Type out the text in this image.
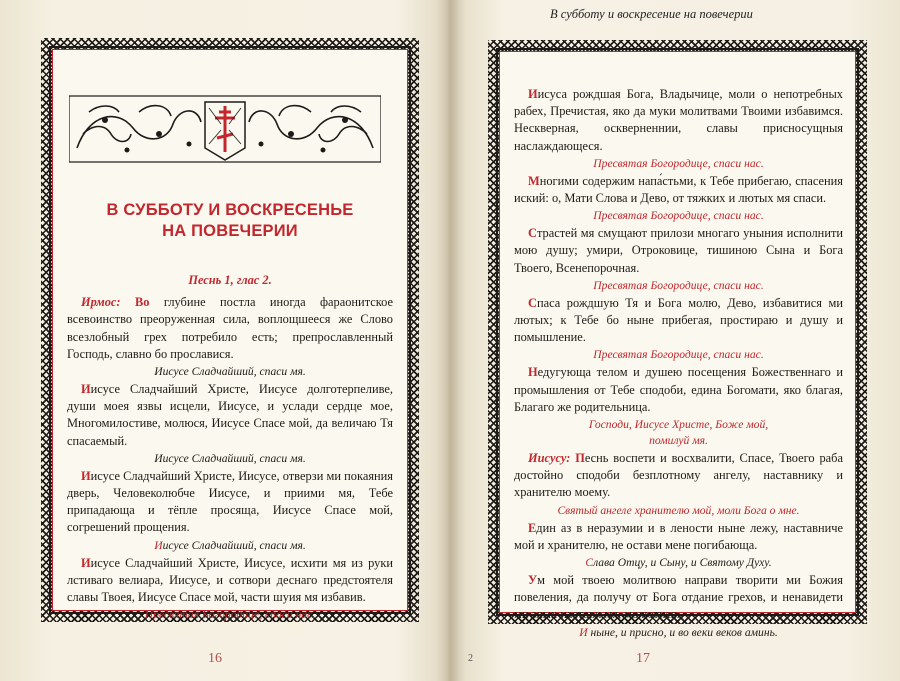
В СУББОТУ И ВОСКРЕСЕНЬЕ
НА ПОВЕЧЕРИИ
Песнь 1, глас 2.

Ирмос: Во глубине постла иногда фараонитское всевоинство преоруженная сила, воплощшееся же Слово всезлобный грех потребило есть; препрославленный Господь, славно бо прославися.

Иисусе Сладчайший, спаси мя.

Иисусе Сладчайший Христе, Иисусе долготерпеливе, души моея язвы исцели, Иисусе, и услади сердце мое, Многомилостиве, молюся, Иисусе Спасе мой, да величаю Тя спасаемый.

Иисусе Сладчайший, спаси мя.

Иисусе Сладчайший Христе, Иисусе, отверзи ми покаяния дверь, Человеколюбче Иисусе, и приими мя, Тебе припадающа и тёпле просяща, Иисусе Спасе мой, согрешений прощения.

Иисусе Сладчайший, спаси мя.

Иисусе Сладчайший Христе, Иисусе, исхити мя из руки лстиваго велиара, Иисусе, и сотвори деснаго предстоятеля славы Твоея, Иисусе Спасе мой, части шуия мя избавив.

Пресвятая Богородице, спаси нас.
16
В субботу и воскресение на повечерии

Иисуса рождшая Бога, Владычице, моли о непотребных рабех, Пречистая, яко да муки молитвами Твоими избавимся. Нескверная, оскверненнии, славы присносущныя наслаждающеся.

Пресвятая Богородице, спаси нас.

Многими содержим напа́стьми, к Тебе прибегаю, спасения иский: о, Мати Слова и Дево, от тяжких и лютых мя спаси.

Пресвятая Богородице, спаси нас.

Страстей мя смущают прилози многаго уныния исполнити мою душу; умири, Отроковице, тишиною Сына и Бога Твоего, Всенепорочная.

Пресвятая Богородице, спаси нас.

Спаса рождшую Тя и Бога молю, Дево, избавитися ми лютых; к Тебе бо ныне прибегая, простираю и душу и помышление.

Пресвятая Богородице, спаси нас.

Недугующа телом и душею посещения Божественнаго и промышления от Тебе сподоби, едина Богомати, яко благая, Благаго же родительница.

Господи, Иисусе Христе, Боже мой,
помилуй мя.

Иисусу: Песнь воспети и восхвалити, Спасе, Твоего раба достойно сподоби безплотному ангелу, наставнику и хранителю моему.

Святый ангеле хранителю мой, моли Бога о мне.

Един аз в неразумии и в лености ныне лежу, наставниче мой и хранителю, не остави мене погибающа.

Слава Отцу, и Сыну, и Святому Духу.

Ум мой твоею молитвою направи творити ми Божия повеления, да получу от Бога отдание грехов, и ненавидети ми злых настави мя, молютися.

И ныне, и присно, и во веки веков аминь.
2	17
